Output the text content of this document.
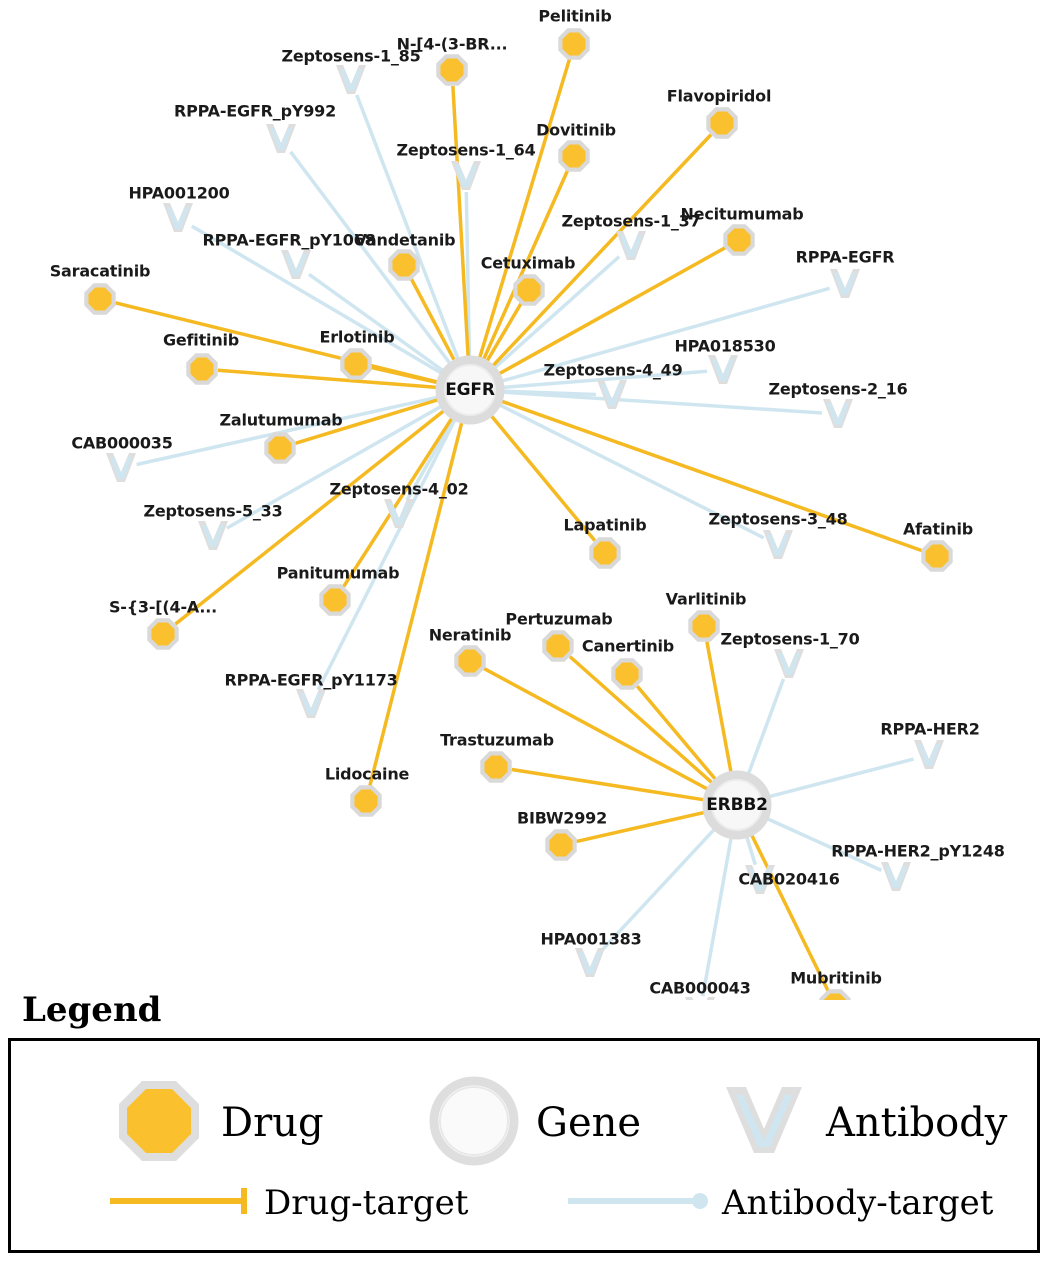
Pelitinib
N-[4-(3-BR...
Flavopiridol
Dovitinib
Necitumumab
Vandetanib
Cetuximab
Saracatinib
Gefitinib	Erlotinib
Zalutumumab
Lapatinib	Afatinib
Varlitinib
Panitumumab
S-{3-[(4-A...
Pertuzumab
Neratinib
Canertinib
Trastuzumab
Lidocaine
BIBW2992
Mubritinib
Zeptosens-1_85
RPPA-EGFR_pY992
Zeptosens-1_64
HPA001200
Zeptosens-1_37
RPPA-EGFR_pY1068
RPPA-EGFR
HPA018530
Zeptosens-4_49
Zeptosens-2_16
CAB000035
Zeptosens-4_02
Zeptosens-5_33	Zeptosens-3_48
RPPA-EGFR_pY1173
Zeptosens-1_70
RPPA-HER2
RPPA-HER2_pY1248
CAB020416
HPA001383
CAB000043
EGFR
ERBB2
Legend
Drug	Gene	Antibody
Drug-target	Antibody-target
